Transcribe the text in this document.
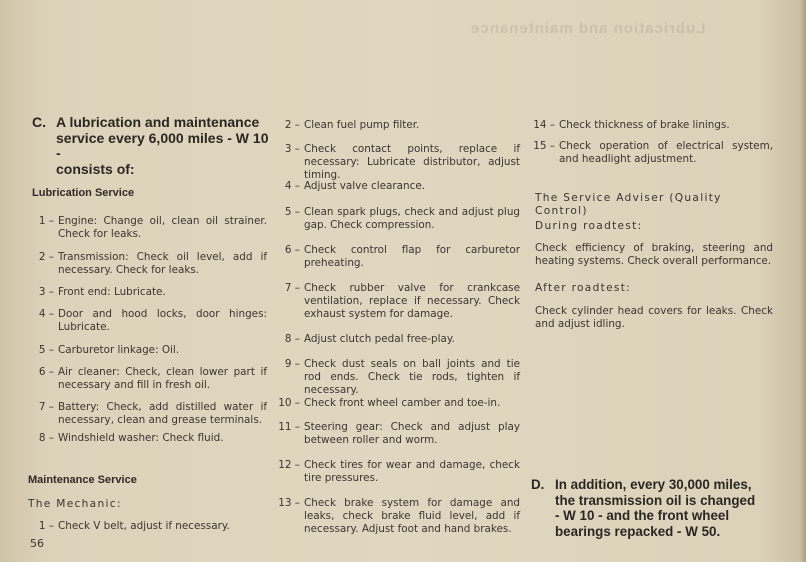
Lubrication and maintenance
C. A lubrication and maintenance
service every 6,000 miles - W 10 -
consists of:
Lubrication Service
1 – Engine: Change oil, clean oil strainer. Check for leaks.
2 – Transmission: Check oil level, add if necessary. Check for leaks.
3 – Front end: Lubricate.
4 – Door and hood locks, door hinges: Lubricate.
5 – Carburetor linkage: Oil.
6 – Air cleaner: Check, clean lower part if necessary and fill in fresh oil.
7 – Battery: Check, add distilled water if necessary, clean and grease terminals.
8 – Windshield washer: Check fluid.
Maintenance Service
The Mechanic:
1 – Check V belt, adjust if necessary.
56
2 – Clean fuel pump filter.
3 – Check contact points, replace if necessary: Lubricate distributor, adjust timing.
4 – Adjust valve clearance.
5 – Clean spark plugs, check and adjust plug gap. Check compression.
6 – Check control flap for carburetor preheating.
7 – Check rubber valve for crankcase ventilation, replace if necessary. Check exhaust system for damage.
8 – Adjust clutch pedal free-play.
9 – Check dust seals on ball joints and tie rod ends. Check tie rods, tighten if necessary.
10 – Check front wheel camber and toe-in.
11 – Steering gear: Check and adjust play between roller and worm.
12 – Check tires for wear and damage, check tire pressures.
13 – Check brake system for damage and leaks, check brake fluid level, add if necessary. Adjust foot and hand brakes.
14 – Check thickness of brake linings.
15 – Check operation of electrical system, and headlight adjustment.
The Service Adviser (Quality Control)
During roadtest:
Check efficiency of braking, steering and heating systems. Check overall performance.
After roadtest:
Check cylinder head covers for leaks. Check and adjust idling.
D. In addition, every 30,000 miles,
the transmission oil is changed
- W 10 - and the front wheel
bearings repacked - W 50.
